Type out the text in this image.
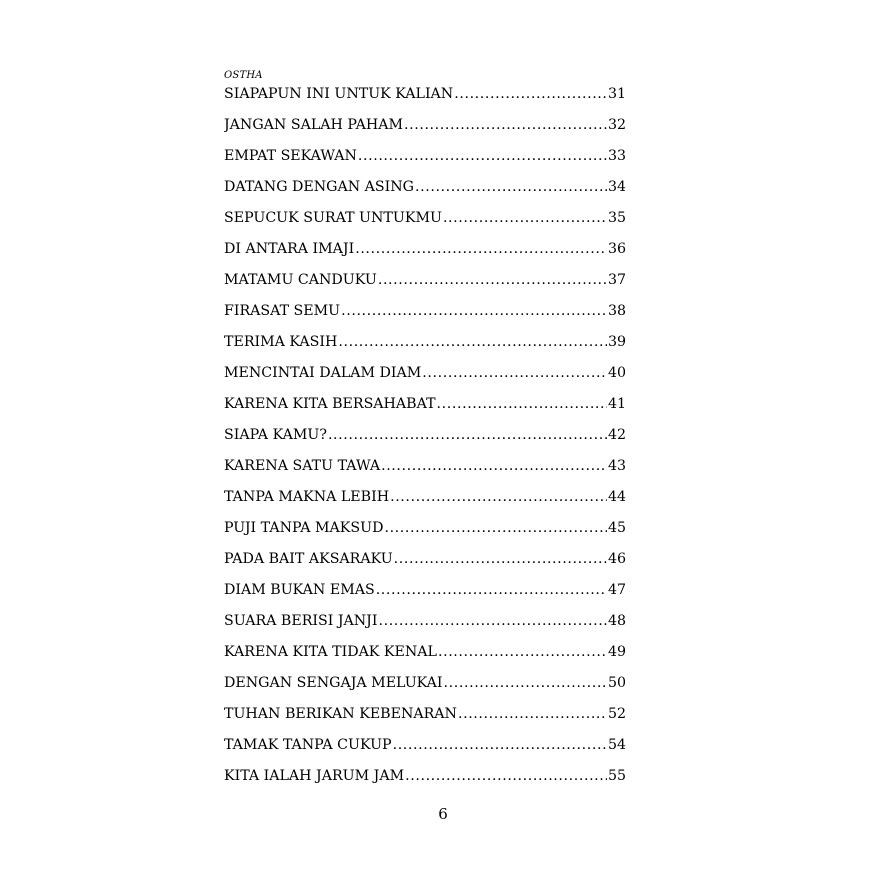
OSTHA
SIAPAPUN INI UNTUK KALIAN .....	31
JANGAN SALAH PAHAM .....	32
EMPAT SEKAWAN .....	33
DATANG DENGAN ASING .....	34
SEPUCUK SURAT UNTUKMU .....	35
DI ANTARA IMAJI .....	36
MATAMU CANDUKU .....	37
FIRASAT SEMU .....	38
TERIMA KASIH .....	39
MENCINTAI DALAM DIAM .....	40
KARENA KITA BERSAHABAT .....	41
SIAPA KAMU? .....	42
KARENA SATU TAWA .....	43
TANPA MAKNA LEBIH .....	44
PUJI TANPA MAKSUD .....	45
PADA BAIT AKSARAKU .....	46
DIAM BUKAN EMAS .....	47
SUARA BERISI JANJI .....	48
KARENA KITA TIDAK KENAL .....	49
DENGAN SENGAJA MELUKAI .....	50
TUHAN BERIKAN KEBENARAN .....	52
TAMAK TANPA CUKUP .....	54
KITA IALAH JARUM JAM .....	55
6
